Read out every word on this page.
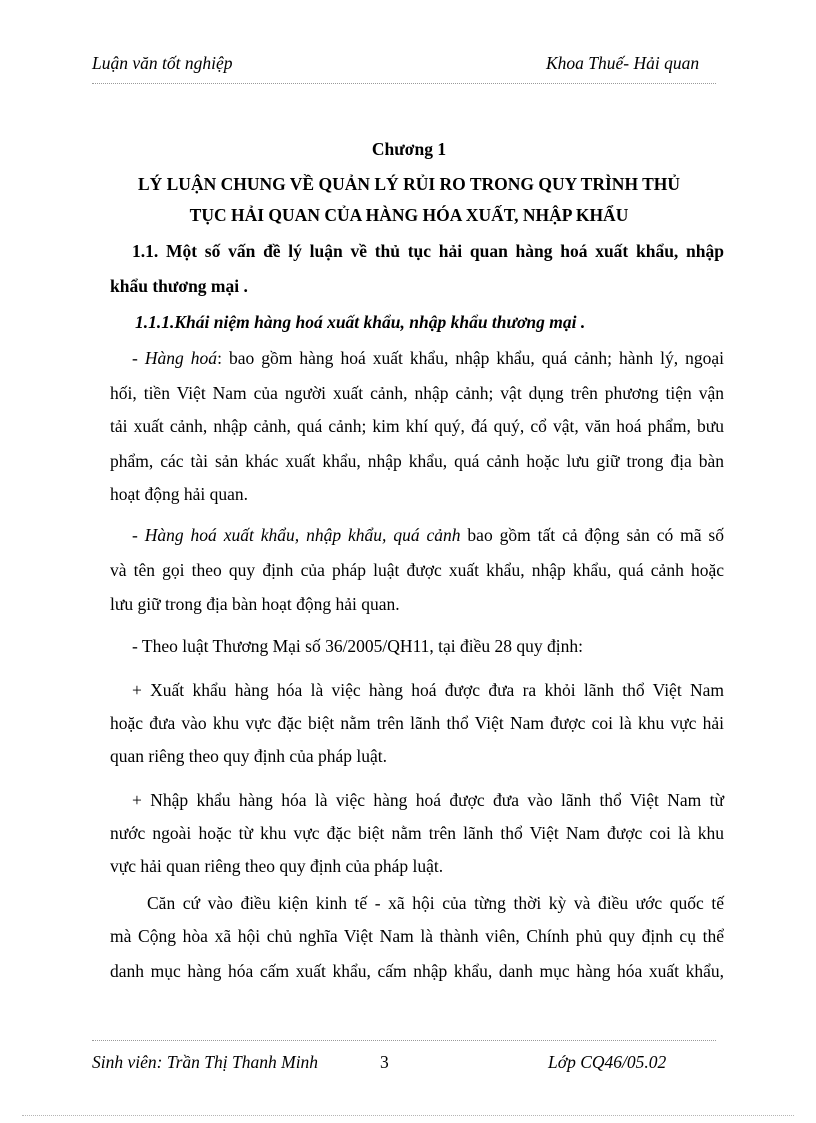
Luận văn tốt nghiệp	Khoa Thuế- Hải quan
Chương 1
LÝ LUẬN CHUNG VỀ QUẢN LÝ RỦI RO TRONG QUY TRÌNH THỦ
TỤC HẢI QUAN CỦA HÀNG HÓA XUẤT, NHẬP KHẨU
1.1. Một số vấn đề lý luận về thủ tục hải quan hàng hoá xuất khẩu, nhập
khẩu thương mại .
1.1.1.Khái niệm hàng hoá xuất khẩu, nhập khẩu thương mại .
- Hàng hoá: bao gồm hàng hoá xuất khẩu, nhập khẩu, quá cảnh; hành lý, ngoại
hối, tiền Việt Nam của người xuất cảnh, nhập cảnh; vật dụng trên phương tiện vận
tải xuất cảnh, nhập cảnh, quá cảnh; kim khí quý, đá quý, cổ vật, văn hoá phẩm, bưu
phẩm, các tài sản khác xuất khẩu, nhập khẩu, quá cảnh hoặc lưu giữ trong địa bàn
hoạt động hải quan.
- Hàng hoá xuất khẩu, nhập khẩu, quá cảnh bao gồm tất cả động sản có mã số
và tên gọi theo quy định của pháp luật được xuất khẩu, nhập khẩu, quá cảnh hoặc
lưu giữ trong địa bàn hoạt động hải quan.
- Theo luật Thương Mại số 36/2005/QH11, tại điều 28 quy định:
+ Xuất khẩu hàng hóa là việc hàng hoá được đưa ra khỏi lãnh thổ Việt Nam
hoặc đưa vào khu vực đặc biệt nằm trên lãnh thổ Việt Nam được coi là khu vực hải
quan riêng theo quy định của pháp luật.
+ Nhập khẩu hàng hóa là việc hàng hoá được đưa vào lãnh thổ Việt Nam từ
nước ngoài hoặc từ khu vực đặc biệt nằm trên lãnh thổ Việt Nam được coi là khu
vực hải quan riêng theo quy định của pháp luật.
Căn cứ vào điều kiện kinh tế - xã hội của từng thời kỳ và điều ước quốc tế
mà Cộng hòa xã hội chủ nghĩa Việt Nam là thành viên, Chính phủ quy định cụ thể
danh mục hàng hóa cấm xuất khẩu, cấm nhập khẩu, danh mục hàng hóa xuất khẩu,
Sinh viên: Trần Thị Thanh Minh	3	Lớp CQ46/05.02
